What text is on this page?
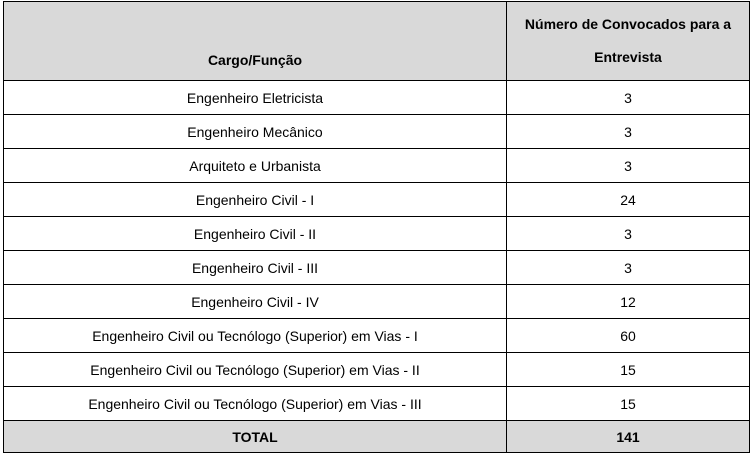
Cargo/Função	Número de Convocados para a Entrevista
Engenheiro Eletricista	3
Engenheiro Mecânico	3
Arquiteto e Urbanista	3
Engenheiro Civil - I	24
Engenheiro Civil - II	3
Engenheiro Civil - III	3
Engenheiro Civil - IV	12
Engenheiro Civil ou Tecnólogo (Superior) em Vias - I	60
Engenheiro Civil ou Tecnólogo (Superior) em Vias - II	15
Engenheiro Civil ou Tecnólogo (Superior) em Vias - III	15
TOTAL	141
